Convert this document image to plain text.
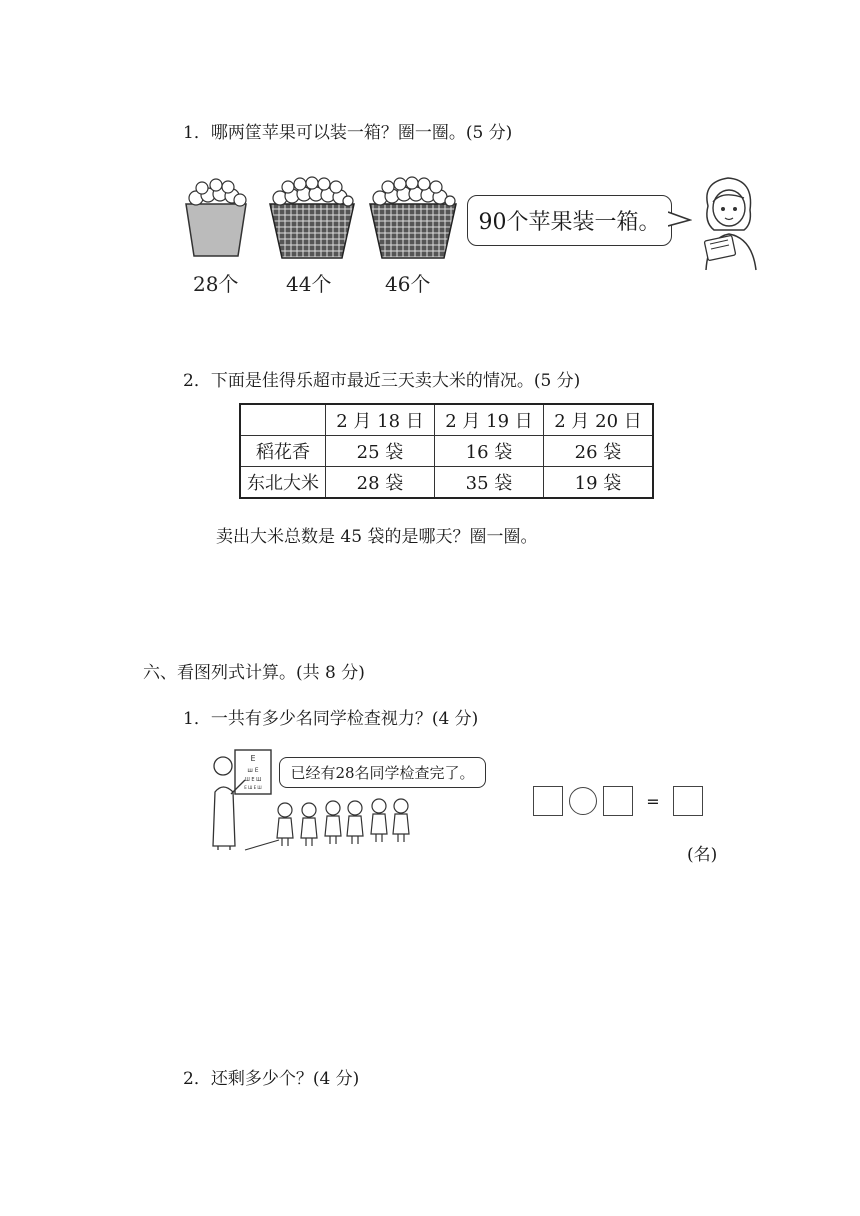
1．哪两筐苹果可以装一箱？圈一圈。(5 分)
28个 44个	46个
90个苹果装一箱。
2．下面是佳得乐超市最近三天卖大米的情况。(5 分)
	2 月 18 日	2 月 19 日	2 月 20 日
稻花香	25 袋	16 袋	26 袋
东北大米	28 袋	35 袋	19 袋
卖出大米总数是 45 袋的是哪天？圈一圈。
六、看图列式计算。(共 8 分)
1．一共有多少名同学检查视力？(4 分)
E
ш Е
Ш Е Ш
E Ш E Ш
已经有28名同学检查完了。
=
(名)
2．还剩多少个？(4 分)
